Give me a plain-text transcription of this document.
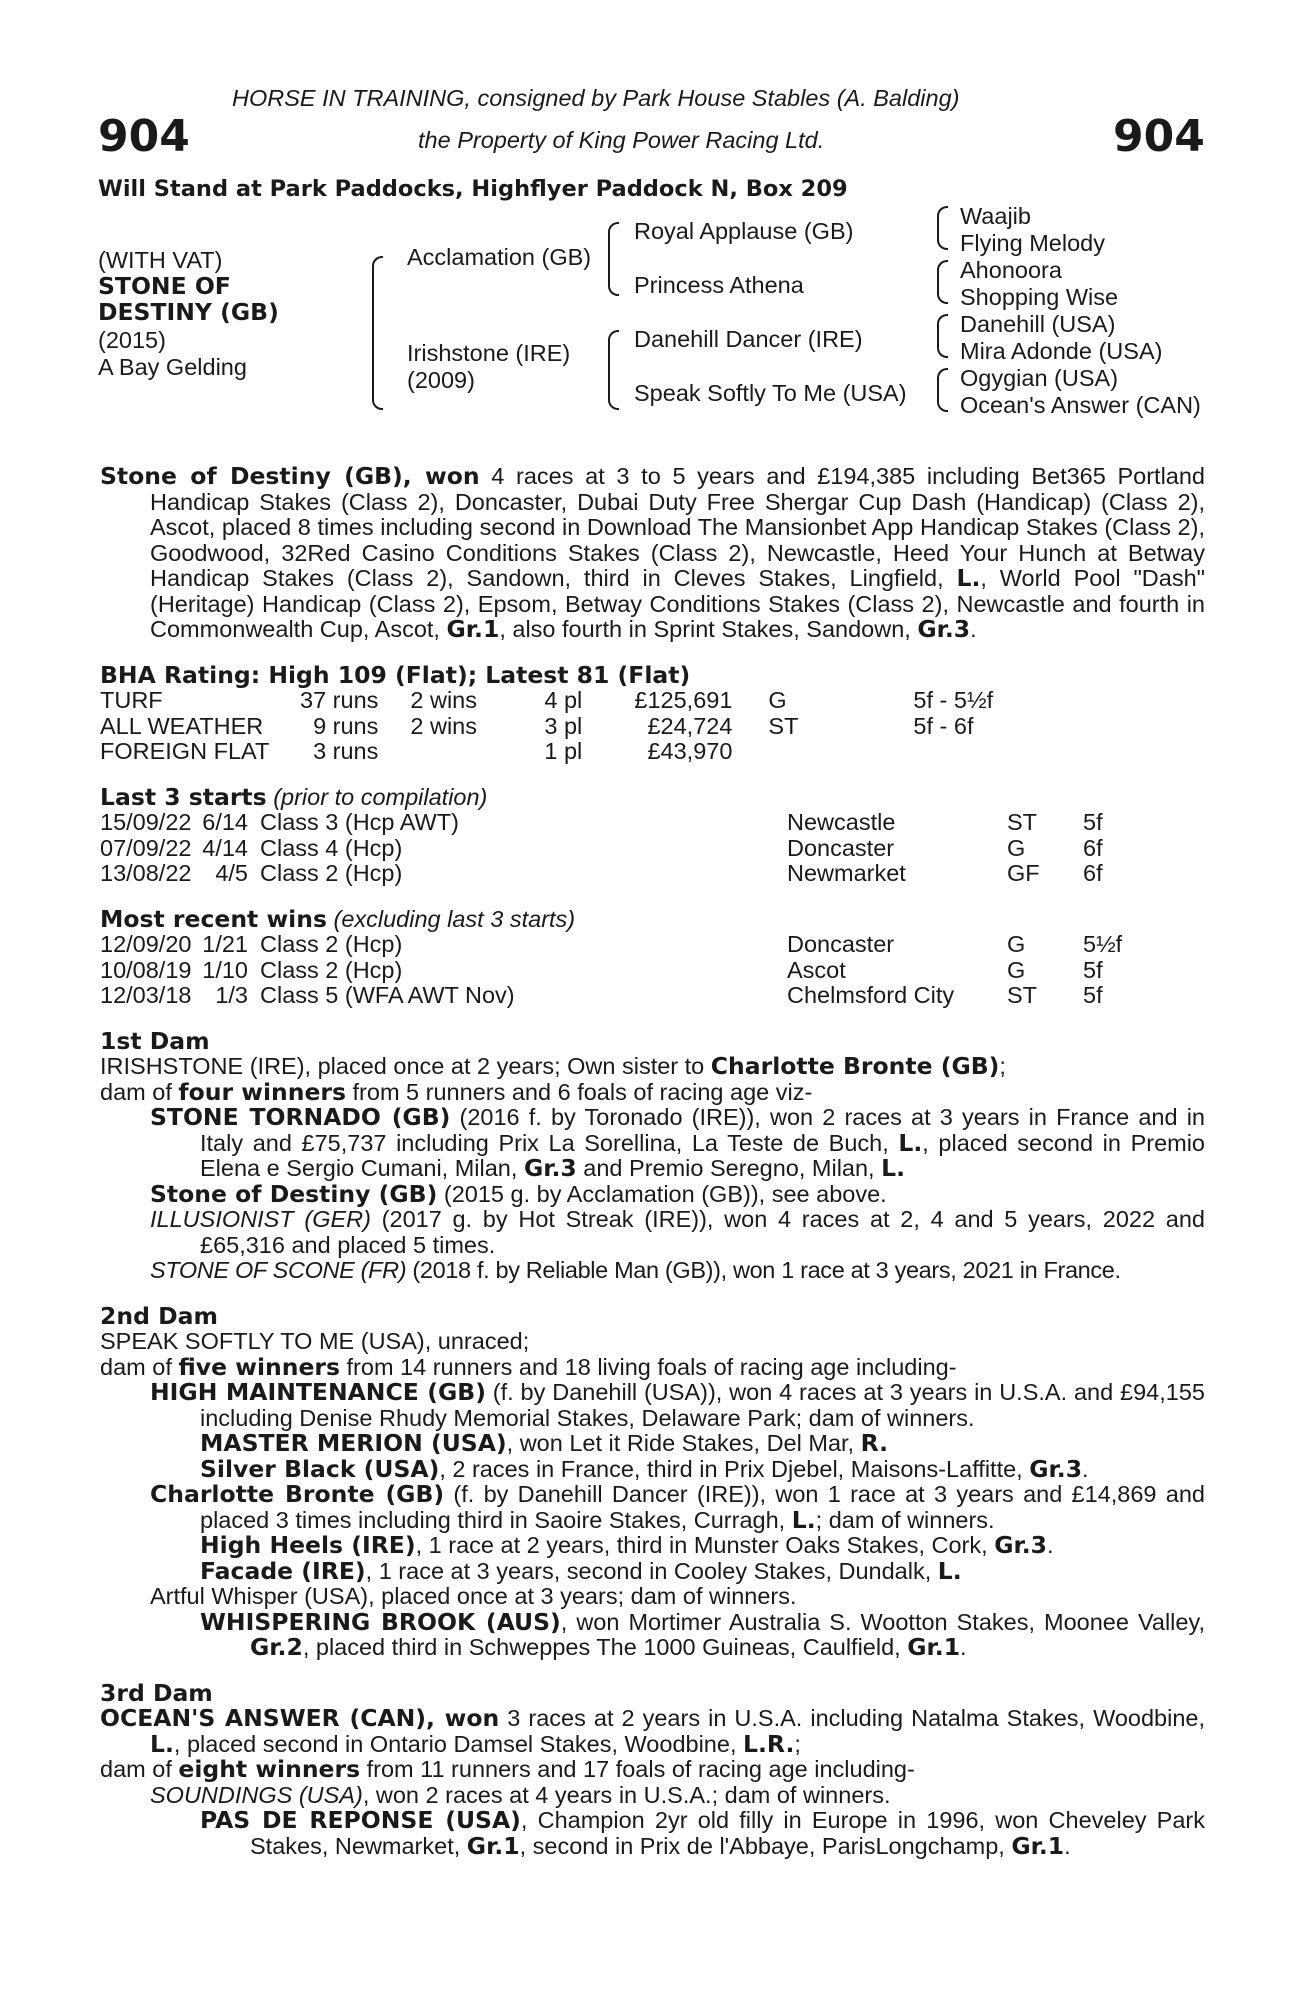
904	904
HORSE IN TRAINING, consigned by Park House Stables (A. Balding)
the Property of King Power Racing Ltd.
Will Stand at Park Paddocks, Highflyer Paddock N, Box 209
(WITH VAT)
STONE OF
DESTINY (GB)
(2015)
A Bay Gelding
Acclamation (GB)
Irishstone (IRE)
(2009)
Royal Applause (GB)
Princess Athena
Danehill Dancer (IRE)
Speak Softly To Me (USA)
Waajib
Flying Melody
Ahonoora
Shopping Wise
Danehill (USA)
Mira Adonde (USA)
Ogygian (USA)
Ocean's Answer (CAN)

Stone of Destiny (GB), won 4 races at 3 to 5 years and £194,385 including Bet365 Portland Handicap Stakes (Class 2), Doncaster, Dubai Duty Free Shergar Cup Dash (Handicap) (Class 2), Ascot, placed 8 times including second in Download The Mansionbet App Handicap Stakes (Class 2), Goodwood, 32Red Casino Conditions Stakes (Class 2), Newcastle, Heed Your Hunch at Betway Handicap Stakes (Class 2), Sandown, third in Cleves Stakes, Lingfield, L., World Pool "Dash" (Heritage) Handicap (Class 2), Epsom, Betway Conditions Stakes (Class 2), Newcastle and fourth in Commonwealth Cup, Ascot, Gr.1, also fourth in Sprint Stakes, Sandown, Gr.3.

BHA Rating: High 109 (Flat); Latest 81 (Flat)
TURF	37 runs	2 wins	4 pl	£125,691	G	5f - 5½f
ALL WEATHER	9 runs	2 wins	3 pl	£24,724	ST	5f - 6f
FOREIGN FLAT	3 runs		1 pl	£43,970		
Last 3 starts (prior to compilation)
15/09/22	6/14	Class 3 (Hcp AWT)	Newcastle	ST	5f
07/09/22	4/14	Class 4 (Hcp)	Doncaster	G	6f
13/08/22	4/5	Class 2 (Hcp)	Newmarket	GF	6f
Most recent wins (excluding last 3 starts)
12/09/20	1/21	Class 2 (Hcp)	Doncaster	G	5½f
10/08/19	1/10	Class 2 (Hcp)	Ascot	G	5f
12/03/18	1/3	Class 5 (WFA AWT Nov)	Chelmsford City	ST	5f
1st Dam

IRISHSTONE (IRE), placed once at 2 years; Own sister to Charlotte Bronte (GB);

dam of four winners from 5 runners and 6 foals of racing age viz-

STONE TORNADO (GB) (2016 f. by Toronado (IRE)), won 2 races at 3 years in France and in Italy and £75,737 including Prix La Sorellina, La Teste de Buch, L., placed second in Premio Elena e Sergio Cumani, Milan, Gr.3 and Premio Seregno, Milan, L.

Stone of Destiny (GB) (2015 g. by Acclamation (GB)), see above.

ILLUSIONIST (GER) (2017 g. by Hot Streak (IRE)), won 4 races at 2, 4 and 5 years, 2022 and £65,316 and placed 5 times.

STONE OF SCONE (FR) (2018 f. by Reliable Man (GB)), won 1 race at 3 years, 2021 in France.

2nd Dam

SPEAK SOFTLY TO ME (USA), unraced;

dam of five winners from 14 runners and 18 living foals of racing age including-

HIGH MAINTENANCE (GB) (f. by Danehill (USA)), won 4 races at 3 years in U.S.A. and £94,155 including Denise Rhudy Memorial Stakes, Delaware Park; dam of winners.

MASTER MERION (USA), won Let it Ride Stakes, Del Mar, R.

Silver Black (USA), 2 races in France, third in Prix Djebel, Maisons-Laffitte, Gr.3.

Charlotte Bronte (GB) (f. by Danehill Dancer (IRE)), won 1 race at 3 years and £14,869 and placed 3 times including third in Saoire Stakes, Curragh, L.; dam of winners.

High Heels (IRE), 1 race at 2 years, third in Munster Oaks Stakes, Cork, Gr.3.

Facade (IRE), 1 race at 3 years, second in Cooley Stakes, Dundalk, L.

Artful Whisper (USA), placed once at 3 years; dam of winners.

WHISPERING BROOK (AUS), won Mortimer Australia S. Wootton Stakes, Moonee Valley, Gr.2, placed third in Schweppes The 1000 Guineas, Caulfield, Gr.1.

3rd Dam

OCEAN'S ANSWER (CAN), won 3 races at 2 years in U.S.A. including Natalma Stakes, Woodbine, L., placed second in Ontario Damsel Stakes, Woodbine, L.R.;

dam of eight winners from 11 runners and 17 foals of racing age including-

SOUNDINGS (USA), won 2 races at 4 years in U.S.A.; dam of winners.

PAS DE REPONSE (USA), Champion 2yr old filly in Europe in 1996, won Cheveley Park Stakes, Newmarket, Gr.1, second in Prix de l'Abbaye, ParisLongchamp, Gr.1.
